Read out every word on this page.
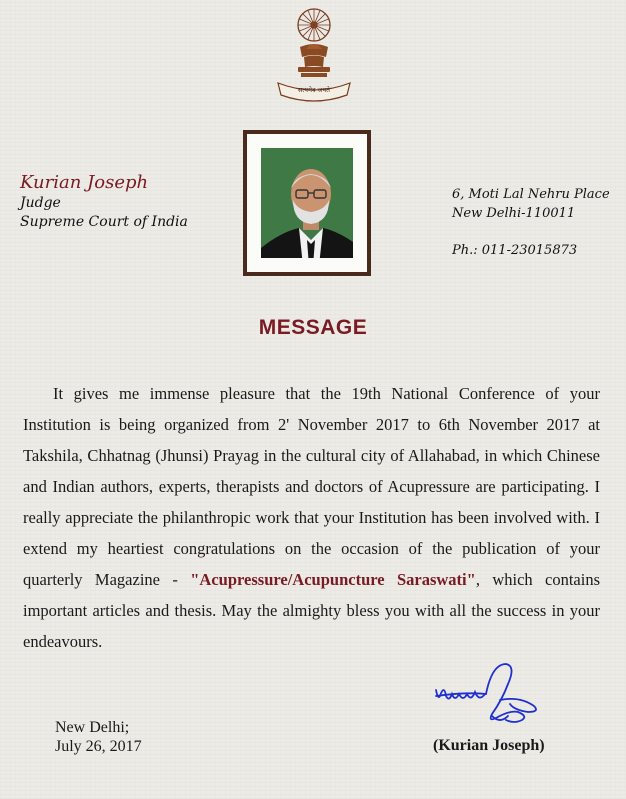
सत्यमेव जयते
Kurian Joseph
Judge
Supreme Court of India
6, Moti Lal Nehru Place
New Delhi-110011
Ph.: 011-23015873
MESSAGE

It gives me immense pleasure that the 19th National Conference of your Institution is being organized from 2' November 2017 to 6th November 2017 at Takshila, Chhatnag (Jhunsi) Prayag in the cultural city of Allahabad, in which Chinese and Indian authors, experts, therapists and doctors of Acupressure are participating. I really appreciate the philanthropic work that your Institution has been involved with. I extend my heartiest congratulations on the occasion of the publication of your quarterly Magazine - "Acupressure/Acupuncture Saraswati", which contains important articles and thesis. May the almighty bless you with all the success in your endeavours.

New Delhi;
July 26, 2017	(Kurian Joseph)
